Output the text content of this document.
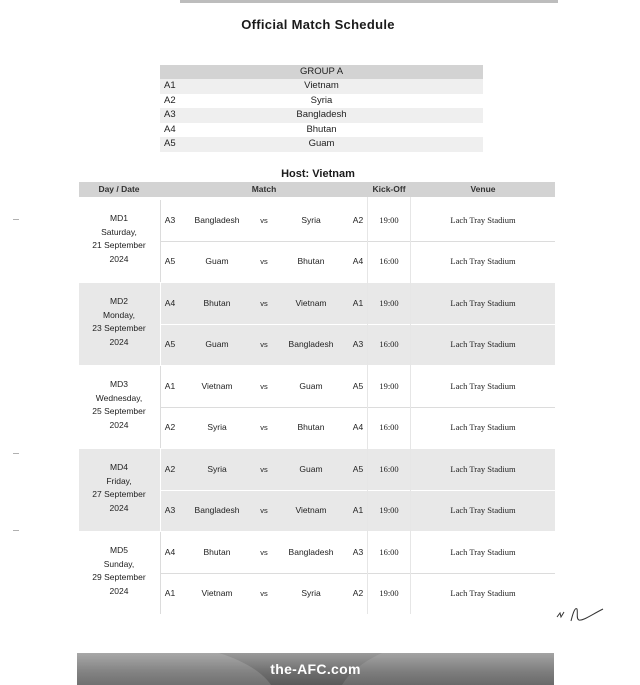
Official Match Schedule
GROUP A
A1	Vietnam
A2	Syria
A3	Bangladesh
A4	Bhutan
A5	Guam
Host: Vietnam
Day / Date	Match	Kick-Off	Venue
MD1
Saturday,
21 September
2024
A3	Bangladesh	vs	Syria	A2	19:00	Lach Tray Stadium
A5	Guam	vs	Bhutan	A4	16:00	Lach Tray Stadium
MD2
Monday,
23 September
2024
A4	Bhutan	vs	Vietnam	A1	19:00	Lach Tray Stadium
A5	Guam	vs	Bangladesh	A3	16:00	Lach Tray Stadium
MD3
Wednesday,
25 September
2024
A1	Vietnam	vs	Guam	A5	19:00	Lach Tray Stadium
A2	Syria	vs	Bhutan	A4	16:00	Lach Tray Stadium
MD4
Friday,
27 September
2024
A2	Syria	vs	Guam	A5	16:00	Lach Tray Stadium
A3	Bangladesh	vs	Vietnam	A1	19:00	Lach Tray Stadium
MD5
Sunday,
29 September
2024
A4	Bhutan	vs	Bangladesh	A3	16:00	Lach Tray Stadium
A1	Vietnam	vs	Syria	A2	19:00	Lach Tray Stadium
the-AFC.com
